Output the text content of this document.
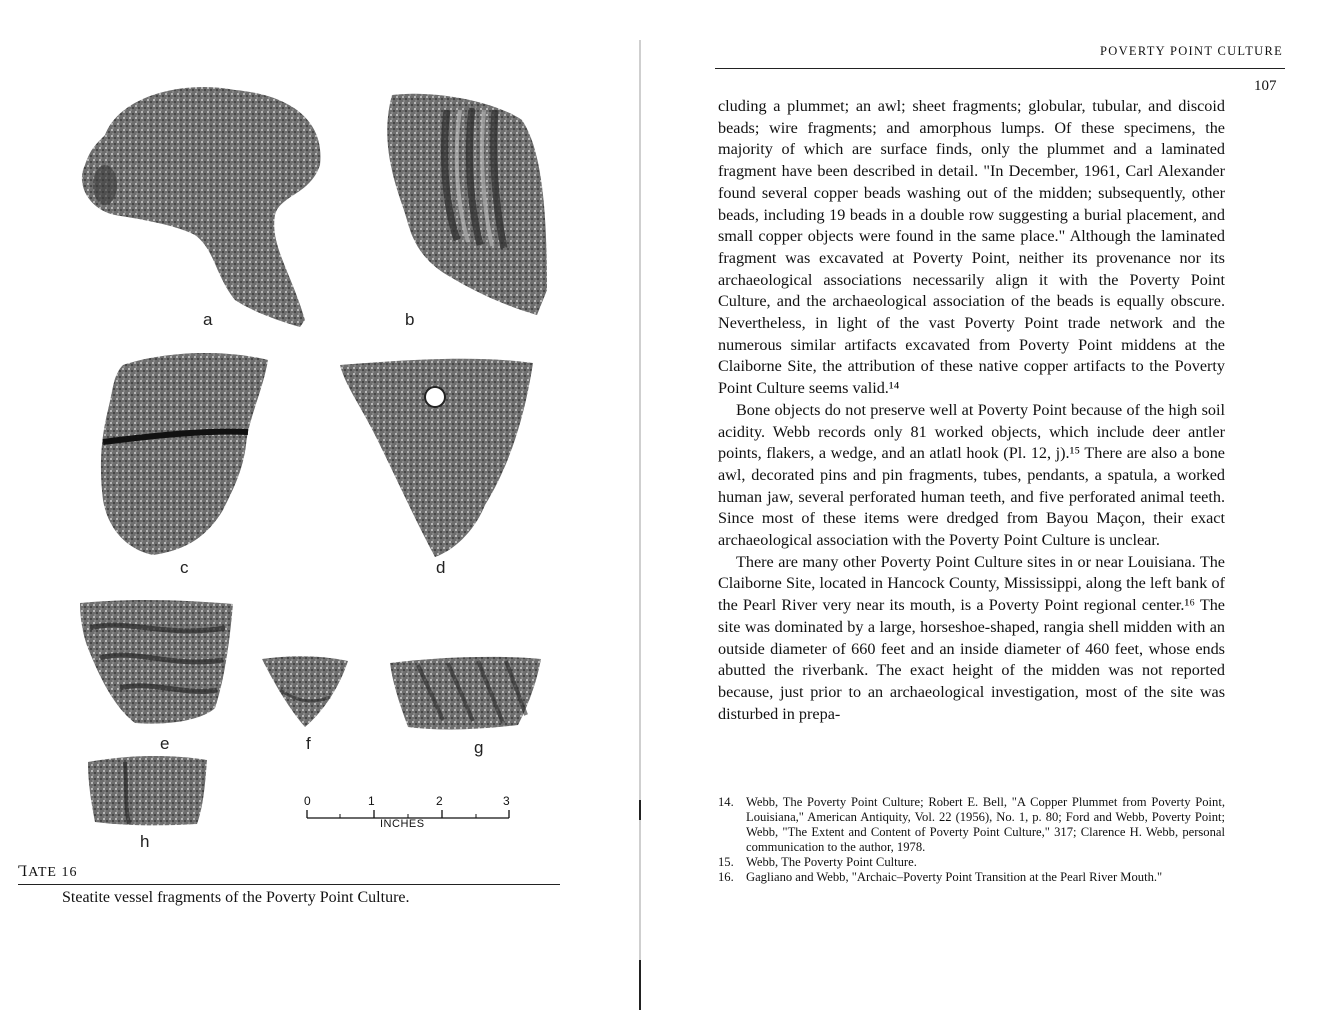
a	b
c	d
e	f	g
h
0	1	2	3
INCHES
ꞀATE 16
Steatite vessel fragments of the Poverty Point Culture.
POVERTY POINT CULTURE
107

cluding a plummet; an awl; sheet fragments; globular, tubular, and discoid beads; wire fragments; and amorphous lumps. Of these specimens, the majority of which are surface finds, only the plummet and a laminated fragment have been described in detail. "In December, 1961, Carl Alexander found several copper beads washing out of the midden; subsequently, other beads, including 19 beads in a double row suggesting a burial placement, and small copper objects were found in the same place." Although the laminated fragment was excavated at Poverty Point, neither its provenance nor its archaeological associations necessarily align it with the Poverty Point Culture, and the archaeological association of the beads is equally obscure. Nevertheless, in light of the vast Poverty Point trade network and the numerous similar artifacts excavated from Poverty Point middens at the Claiborne Site, the attribution of these native copper artifacts to the Poverty Point Culture seems valid.¹⁴

Bone objects do not preserve well at Poverty Point because of the high soil acidity. Webb records only 81 worked objects, which include deer antler points, flakers, a wedge, and an atlatl hook (Pl. 12, j).¹⁵ There are also a bone awl, decorated pins and pin fragments, tubes, pendants, a spatula, a worked human jaw, several perforated human teeth, and five perforated animal teeth. Since most of these items were dredged from Bayou Maçon, their exact archaeological association with the Poverty Point Culture is unclear.

There are many other Poverty Point Culture sites in or near Louisiana. The Claiborne Site, located in Hancock County, Mississippi, along the left bank of the Pearl River very near its mouth, is a Poverty Point regional center.¹⁶ The site was dominated by a large, horseshoe-shaped, rangia shell midden with an outside diameter of 660 feet and an inside diameter of 460 feet, whose ends abutted the riverbank. The exact height of the midden was not reported because, just prior to an archaeological investigation, most of the site was disturbed in prepa-

14. Webb, The Poverty Point Culture; Robert E. Bell, "A Copper Plummet from Poverty Point, Louisiana," American Antiquity, Vol. 22 (1956), No. 1, p. 80; Ford and Webb, Poverty Point; Webb, "The Extent and Content of Poverty Point Culture," 317; Clarence H. Webb, personal communication to the author, 1978.
15. Webb, The Poverty Point Culture.
16. Gagliano and Webb, "Archaic–Poverty Point Transition at the Pearl River Mouth."
